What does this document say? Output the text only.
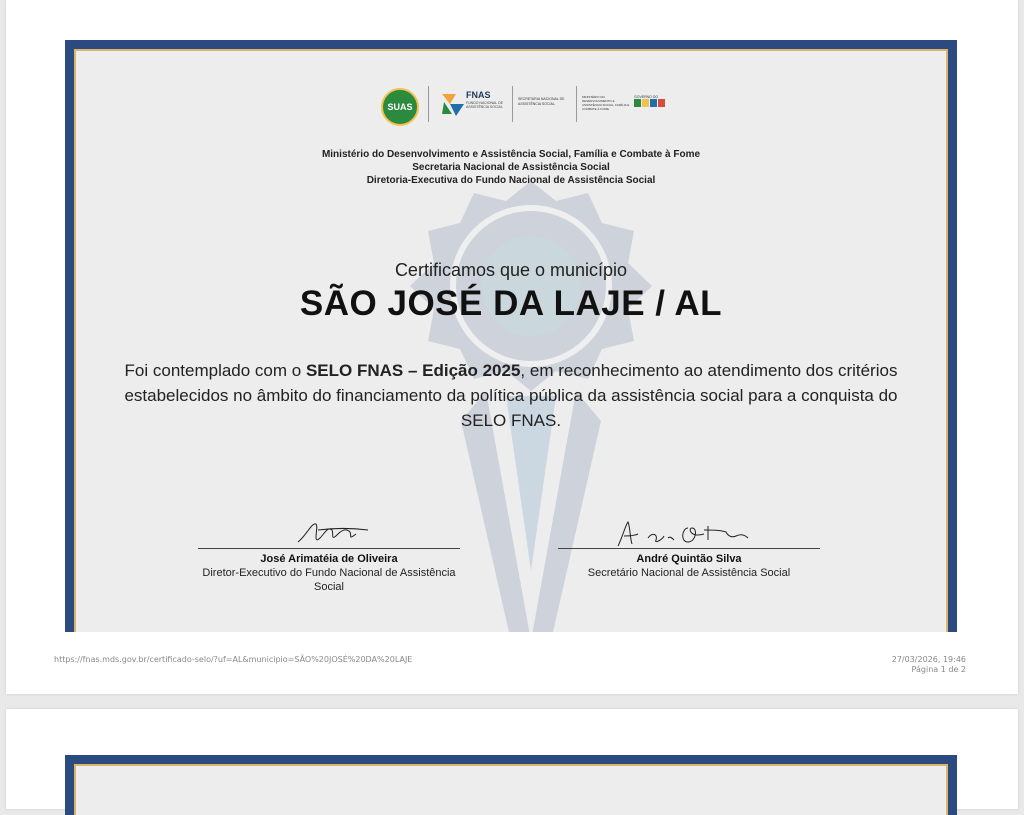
SUAS
FNAS
FUNDO NACIONAL DE ASSISTÊNCIA SOCIAL
SECRETARIA NACIONAL DE ASSISTÊNCIA SOCIAL
MINISTÉRIO DO DESENVOLVIMENTO E ASSISTÊNCIA SOCIAL, FAMÍLIA E COMBATE À FOME
GOVERNO DO
Ministério do Desenvolvimento e Assistência Social, Família e Combate à Fome
Secretaria Nacional de Assistência Social
Diretoria-Executiva do Fundo Nacional de Assistência Social
Certificamos que o município
SÃO JOSÉ DA LAJE / AL
Foi contemplado com o SELO FNAS – Edição 2025, em reconhecimento ao atendimento dos critérios estabelecidos no âmbito do financiamento da política pública da assistência social para a conquista do SELO FNAS.
José Arimatéia de Oliveira
Diretor-Executivo do Fundo Nacional de Assistência Social
André Quintão Silva
Secretário Nacional de Assistência Social
https://fnas.mds.gov.br/certificado-selo/?uf=AL&municipio=SÃO%20JOSÉ%20DA%20LAJE	27/03/2026, 19:46
Página 1 de 2
